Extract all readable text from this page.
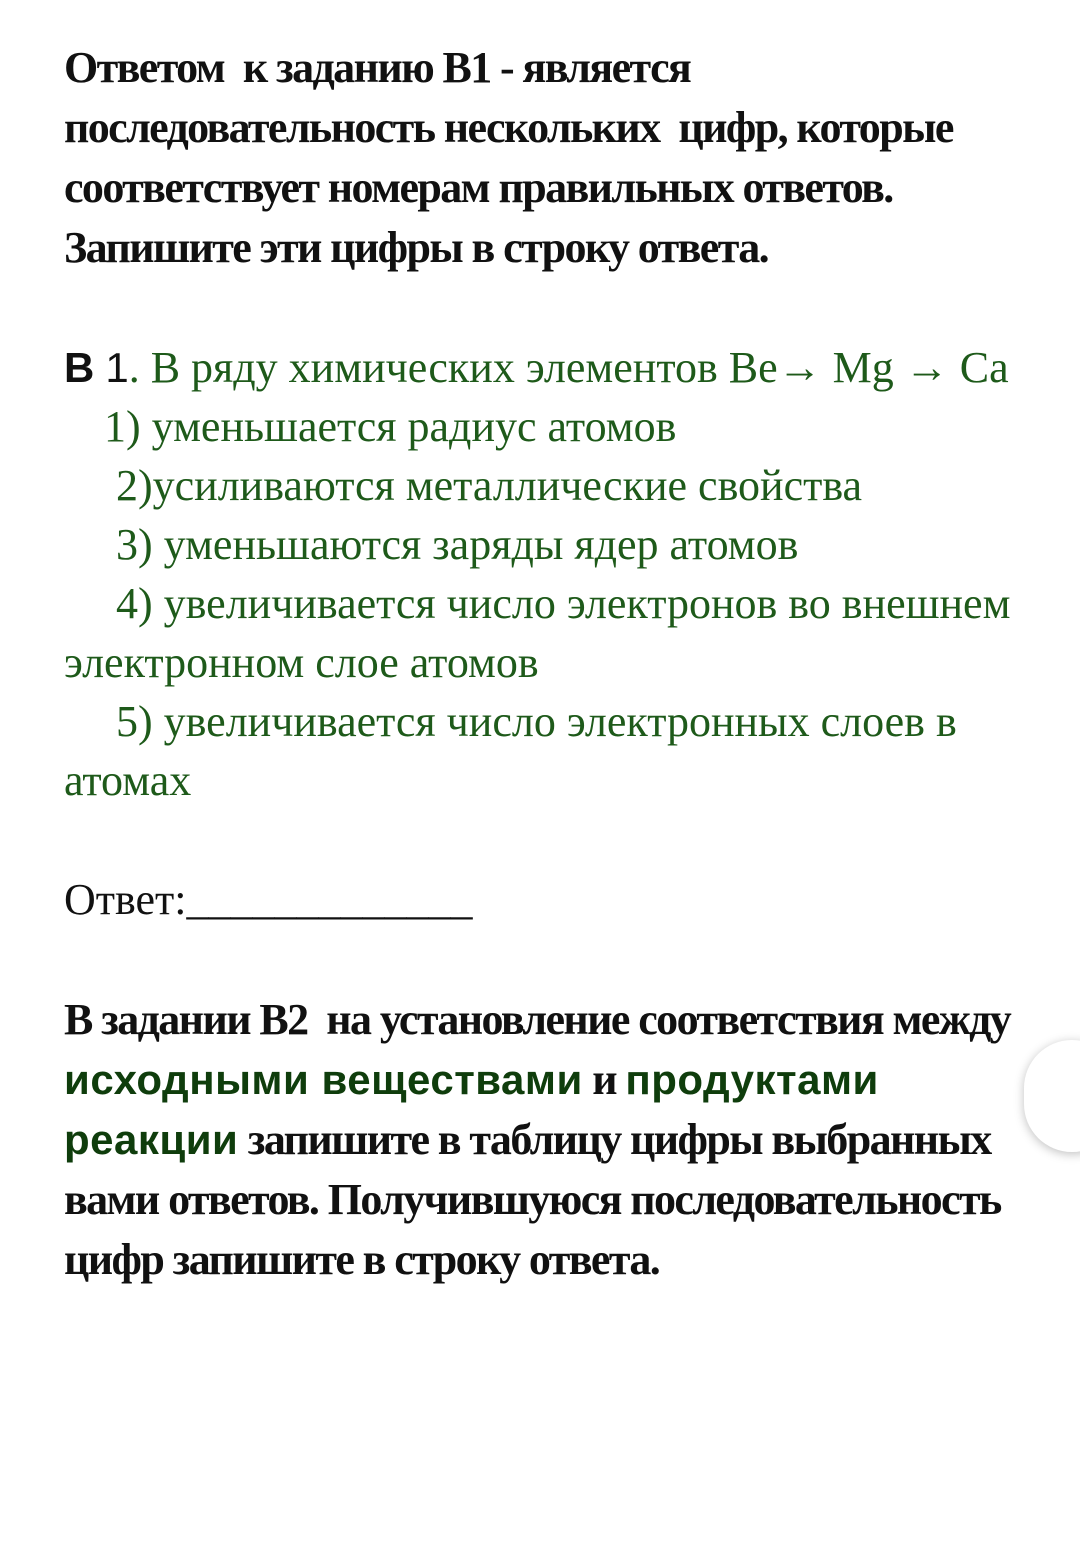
Ответом  к заданию В1 - является последовательность нескольких  цифр, которые соответствует номерам правильных ответов. Запишите эти цифры в строку ответа.
В 1. В ряду химических элементов Be→ Mg → Ca
1) уменьшается радиус атомов
2)усиливаются металлические свойства
3) уменьшаются заряды ядер атомов
4) увеличивается число электронов во внешнем электронном слое атомов
5) увеличивается число электронных слоев в атомах
Ответ:_____________
В задании В2  на установление соответствия между  исходными веществами и продуктами реакции запишите в таблицу цифры выбранных вами ответов. Получившуюся последовательность цифр запишите в строку ответа.
